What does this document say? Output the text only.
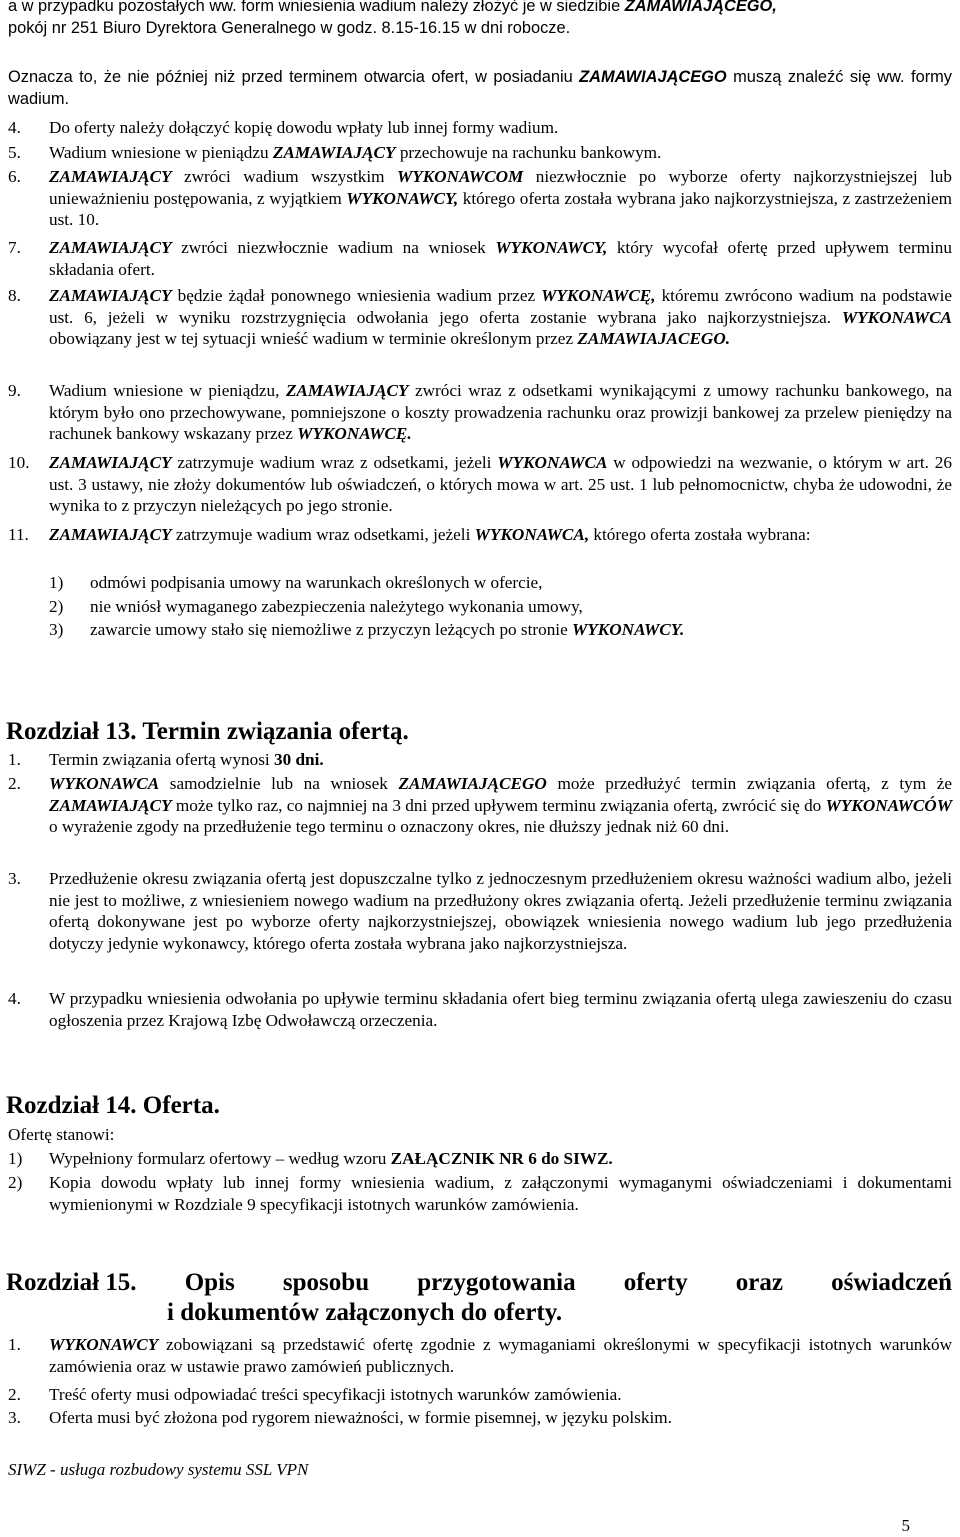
a w przypadku pozostałych ww. form wniesienia wadium należy złożyć je w siedzibie ZAMAWIAJĄCEGO,
pokój nr 251 Biuro Dyrektora Generalnego w godz. 8.15-16.15 w dni robocze.
Oznacza to, że nie później niż przed terminem otwarcia ofert, w posiadaniu ZAMAWIAJĄCEGO muszą znaleźć się ww. formy wadium.
4. Do oferty należy dołączyć kopię dowodu wpłaty lub innej formy wadium.
5. Wadium wniesione w pieniądzu ZAMAWIAJĄCY przechowuje na rachunku bankowym.
6. ZAMAWIAJĄCY zwróci wadium wszystkim WYKONAWCOM niezwłocznie po wyborze oferty najkorzystniejszej lub unieważnieniu postępowania, z wyjątkiem WYKONAWCY, którego oferta została wybrana jako najkorzystniejsza, z zastrzeżeniem ust. 10.
7. ZAMAWIAJĄCY zwróci niezwłocznie wadium na wniosek WYKONAWCY, który wycofał ofertę przed upływem terminu składania ofert.
8. ZAMAWIAJĄCY będzie żądał ponownego wniesienia wadium przez WYKONAWCĘ, któremu zwrócono wadium na podstawie ust. 6, jeżeli w wyniku rozstrzygnięcia odwołania jego oferta zostanie wybrana jako najkorzystniejsza. WYKONAWCA obowiązany jest w tej sytuacji wnieść wadium w terminie określonym przez ZAMAWIAJACEGO.
9. Wadium wniesione w pieniądzu, ZAMAWIAJĄCY zwróci wraz z odsetkami wynikającymi z umowy rachunku bankowego, na którym było ono przechowywane, pomniejszone o koszty prowadzenia rachunku oraz prowizji bankowej za przelew pieniędzy na rachunek bankowy wskazany przez WYKONAWCĘ.
10. ZAMAWIAJĄCY zatrzymuje wadium wraz z odsetkami, jeżeli WYKONAWCA w odpowiedzi na wezwanie, o którym w art. 26 ust. 3 ustawy, nie złoży dokumentów lub oświadczeń, o których mowa w art. 25 ust. 1 lub pełnomocnictw, chyba że udowodni, że wynika to z przyczyn nieleżących po jego stronie.
11. ZAMAWIAJĄCY zatrzymuje wadium wraz odsetkami, jeżeli WYKONAWCA, którego oferta została wybrana:
1) odmówi podpisania umowy na warunkach określonych w ofercie,
2) nie wniósł wymaganego zabezpieczenia należytego wykonania umowy,
3) zawarcie umowy stało się niemożliwe z przyczyn leżących po stronie WYKONAWCY.
Rozdział 13. Termin związania ofertą.
1. Termin związania ofertą wynosi 30 dni.
2. WYKONAWCA samodzielnie lub na wniosek ZAMAWIAJĄCEGO może przedłużyć termin związania ofertą, z tym że ZAMAWIAJĄCY może tylko raz, co najmniej na 3 dni przed upływem terminu związania ofertą, zwrócić się do WYKONAWCÓW o wyrażenie zgody na przedłużenie tego terminu o oznaczony okres, nie dłuższy jednak niż 60 dni.
3. Przedłużenie okresu związania ofertą jest dopuszczalne tylko z jednoczesnym przedłużeniem okresu ważności wadium albo, jeżeli nie jest to możliwe, z wniesieniem nowego wadium na przedłużony okres związania ofertą. Jeżeli przedłużenie terminu związania ofertą dokonywane jest po wyborze oferty najkorzystniejszej, obowiązek wniesienia nowego wadium lub jego przedłużenia dotyczy jedynie wykonawcy, którego oferta została wybrana jako najkorzystniejsza.
4. W przypadku wniesienia odwołania po upływie terminu składania ofert bieg terminu związania ofertą ulega zawieszeniu do czasu ogłoszenia przez Krajową Izbę Odwoławczą orzeczenia.
Rozdział 14. Oferta.
Ofertę stanowi:
1) Wypełniony formularz ofertowy – według wzoru ZAŁĄCZNIK NR 6 do SIWZ.
2) Kopia dowodu wpłaty lub innej formy wniesienia wadium, z załączonymi wymaganymi oświadczeniami i dokumentami wymienionymi w Rozdziale 9 specyfikacji istotnych warunków zamówienia.
Rozdział 15. Opis sposobu przygotowania oferty oraz oświadczeń
i dokumentów załączonych do oferty.
1. WYKONAWCY zobowiązani są przedstawić ofertę zgodnie z wymaganiami określonymi w specyfikacji istotnych warunków zamówienia oraz w ustawie prawo zamówień publicznych.
2. Treść oferty musi odpowiadać treści specyfikacji istotnych warunków zamówienia.
3. Oferta musi być złożona pod rygorem nieważności, w formie pisemnej, w języku polskim.
SIWZ - usługa rozbudowy systemu SSL VPN
5
